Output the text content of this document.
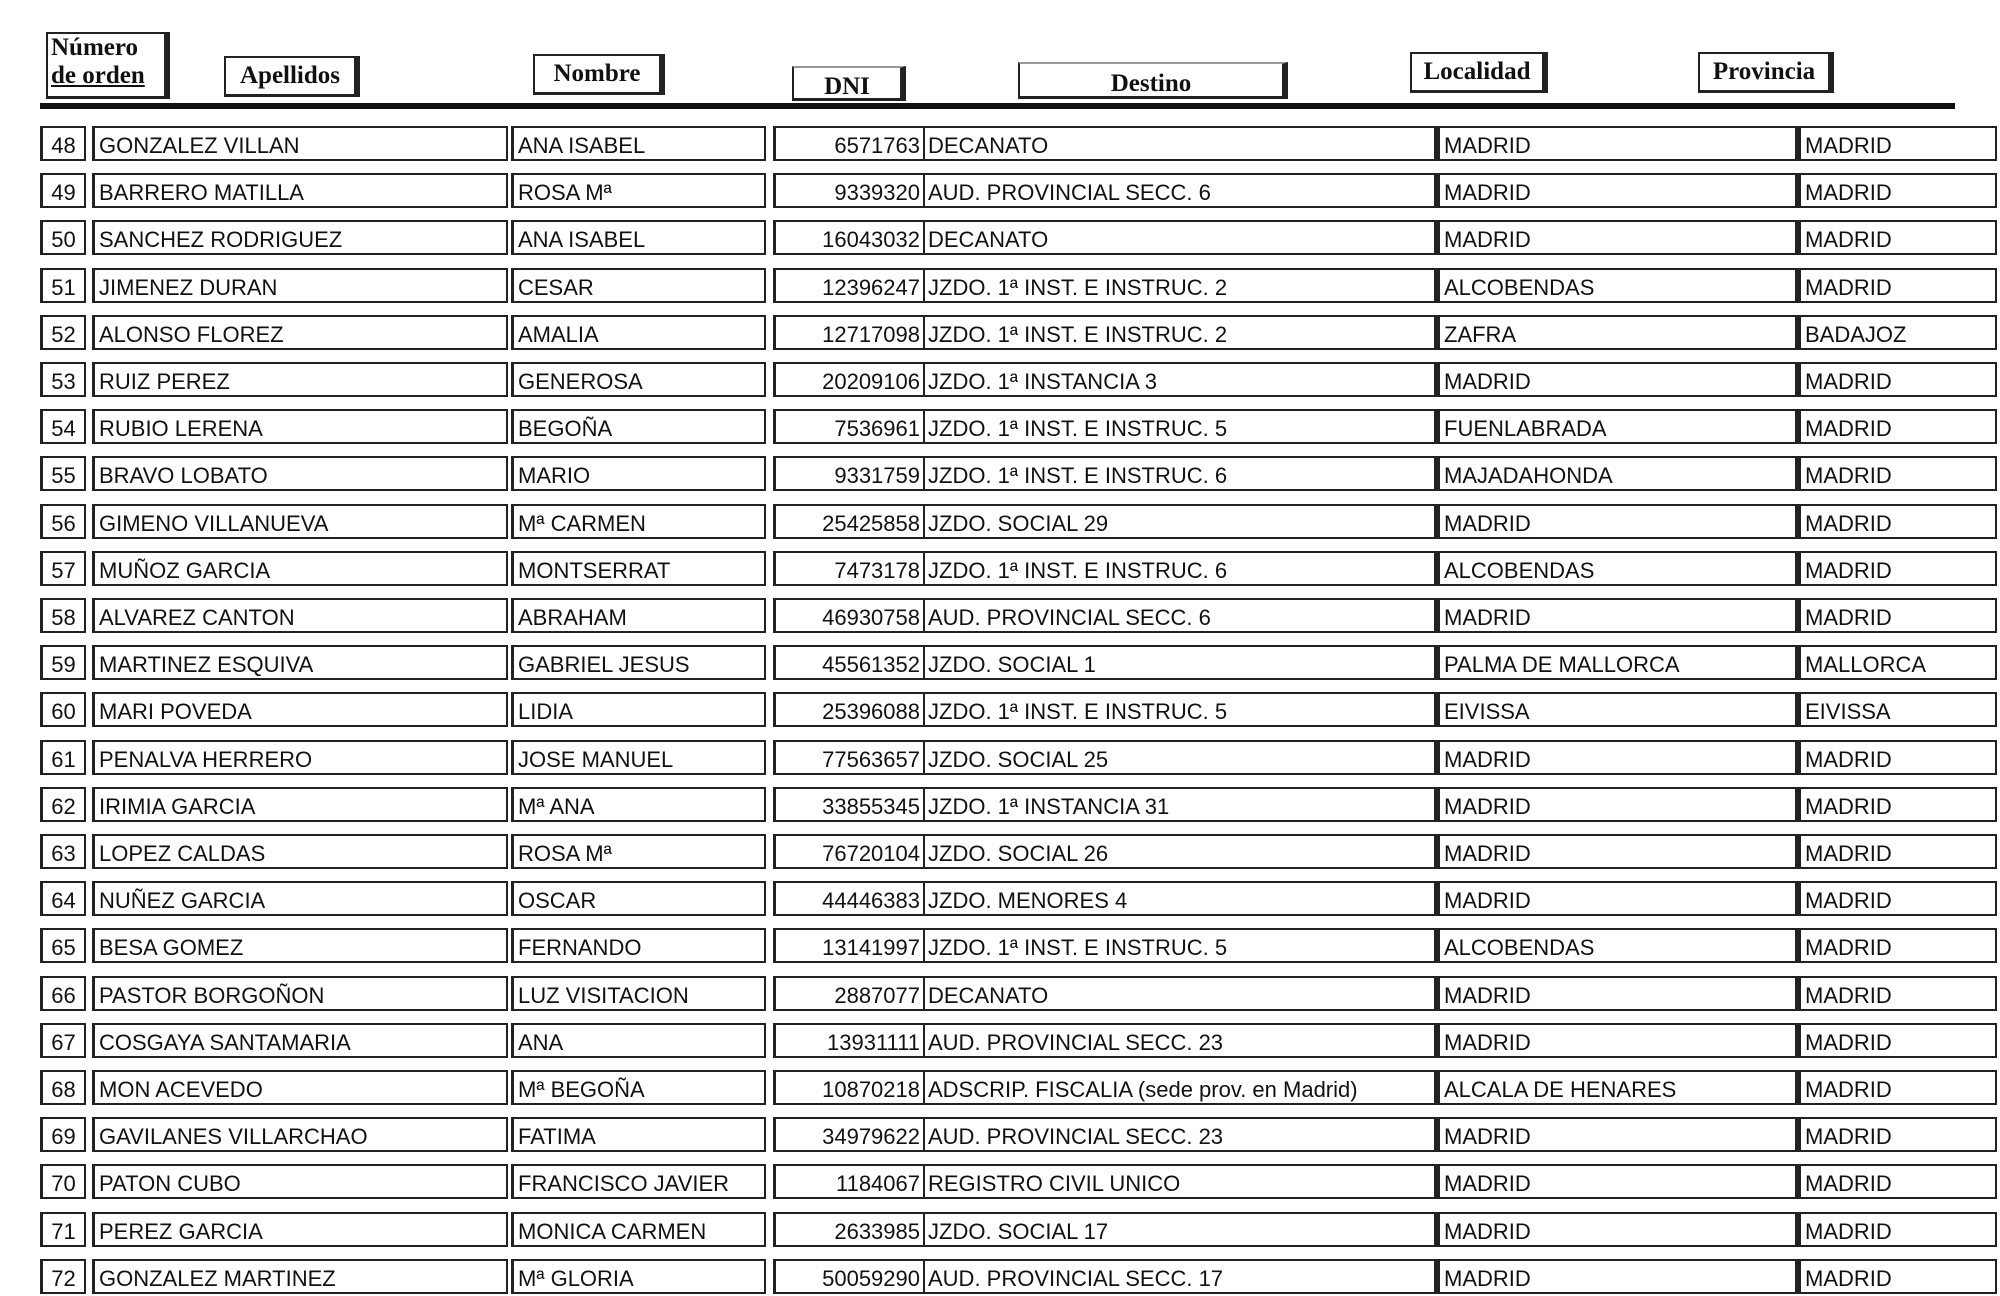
Número
de orden	Apellidos	Nombre	DNI	Destino	Localidad	Provincia
48	GONZALEZ VILLAN	ANA ISABEL	6571763 DECANATO	MADRID	MADRID
49	BARRERO MATILLA	ROSA Mª	9339320 AUD. PROVINCIAL SECC. 6	MADRID	MADRID
50	SANCHEZ RODRIGUEZ	ANA ISABEL	16043032 DECANATO	MADRID	MADRID
51	JIMENEZ DURAN	CESAR	12396247 JZDO. 1ª INST. E INSTRUC. 2	ALCOBENDAS	MADRID
52	ALONSO FLOREZ	AMALIA	12717098 JZDO. 1ª INST. E INSTRUC. 2	ZAFRA	BADAJOZ
53	RUIZ PEREZ	GENEROSA	20209106 JZDO. 1ª INSTANCIA 3	MADRID	MADRID
54	RUBIO LERENA	BEGOÑA	7536961 JZDO. 1ª INST. E INSTRUC. 5	FUENLABRADA	MADRID
55	BRAVO LOBATO	MARIO	9331759 JZDO. 1ª INST. E INSTRUC. 6	MAJADAHONDA	MADRID
56	GIMENO VILLANUEVA	Mª CARMEN	25425858 JZDO. SOCIAL 29	MADRID	MADRID
57	MUÑOZ GARCIA	MONTSERRAT	7473178 JZDO. 1ª INST. E INSTRUC. 6	ALCOBENDAS	MADRID
58	ALVAREZ CANTON	ABRAHAM	46930758 AUD. PROVINCIAL SECC. 6	MADRID	MADRID
59	MARTINEZ ESQUIVA	GABRIEL JESUS	45561352 JZDO. SOCIAL 1	PALMA DE MALLORCA	MALLORCA
60	MARI POVEDA	LIDIA	25396088 JZDO. 1ª INST. E INSTRUC. 5	EIVISSA	EIVISSA
61	PENALVA HERRERO	JOSE MANUEL	77563657 JZDO. SOCIAL 25	MADRID	MADRID
62	IRIMIA GARCIA	Mª ANA	33855345 JZDO. 1ª INSTANCIA 31	MADRID	MADRID
63	LOPEZ CALDAS	ROSA Mª	76720104 JZDO. SOCIAL 26	MADRID	MADRID
64	NUÑEZ GARCIA	OSCAR	44446383 JZDO. MENORES 4	MADRID	MADRID
65	BESA GOMEZ	FERNANDO	13141997 JZDO. 1ª INST. E INSTRUC. 5	ALCOBENDAS	MADRID
66	PASTOR BORGOÑON	LUZ VISITACION	2887077 DECANATO	MADRID	MADRID
67	COSGAYA SANTAMARIA	ANA	13931111 AUD. PROVINCIAL SECC. 23	MADRID	MADRID
68	MON ACEVEDO	Mª BEGOÑA	10870218 ADSCRIP. FISCALIA (sede prov. en Madrid)	ALCALA DE HENARES	MADRID
69	GAVILANES VILLARCHAO	FATIMA	34979622 AUD. PROVINCIAL SECC. 23	MADRID	MADRID
70	PATON CUBO	FRANCISCO JAVIER	1184067 REGISTRO CIVIL UNICO	MADRID	MADRID
71	PEREZ GARCIA	MONICA CARMEN	2633985 JZDO. SOCIAL 17	MADRID	MADRID
72	GONZALEZ MARTINEZ	Mª GLORIA	50059290 AUD. PROVINCIAL SECC. 17	MADRID	MADRID
